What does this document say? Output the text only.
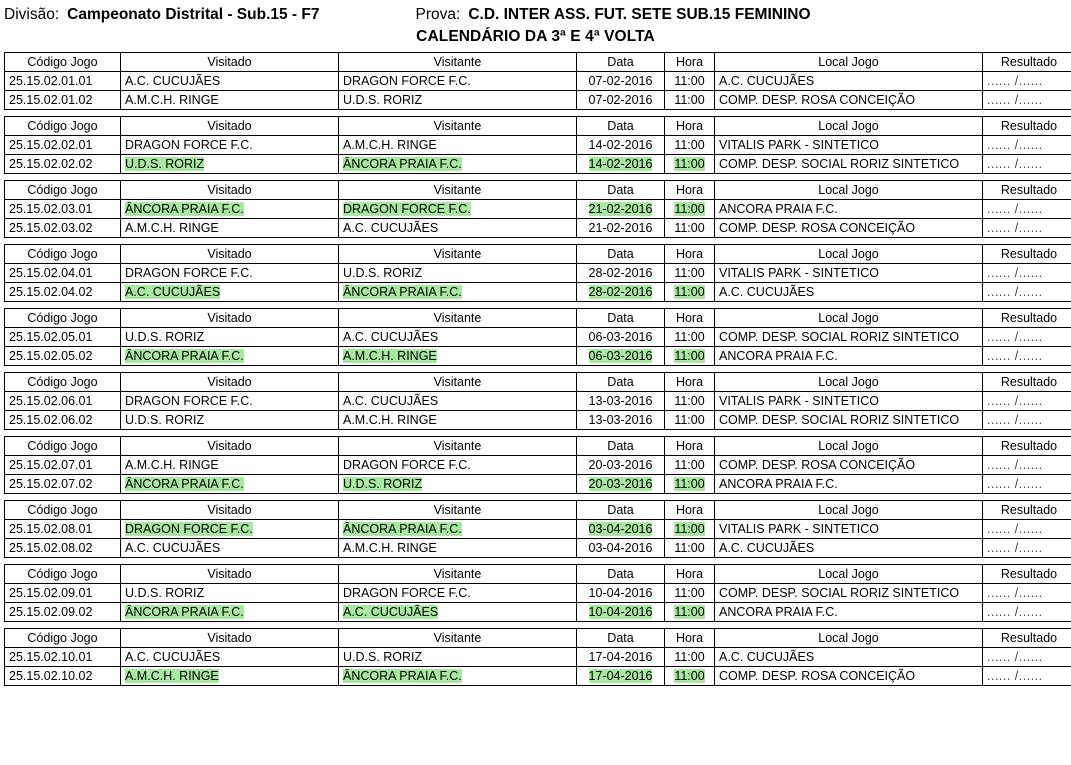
Divisão: Campeonato Distrital - Sub.15 - F7	Prova: C.D. INTER ASS. FUT. SETE SUB.15 FEMININO
CALENDÁRIO DA 3ª E 4ª VOLTA
Código Jogo	Visitado	Visitante	Data	Hora	Local Jogo	Resultado
25.15.02.01.01	A.C. CUCUJÃES	DRAGON FORCE F.C.	07-02-2016	11:00	A.C. CUCUJÃES	...... /......
25.15.02.01.02	A.M.C.H. RINGE	U.D.S. RORIZ	07-02-2016	11:00	COMP. DESP. ROSA CONCEIÇÃO	...... /......
Código Jogo	Visitado	Visitante	Data	Hora	Local Jogo	Resultado
25.15.02.02.01	DRAGON FORCE F.C.	A.M.C.H. RINGE	14-02-2016	11:00	VITALIS PARK - SINTETICO	...... /......
25.15.02.02.02	U.D.S. RORIZ	ÂNCORA PRAIA F.C.	14-02-2016	11:00	COMP. DESP. SOCIAL RORIZ SINTETICO	...... /......
Código Jogo	Visitado	Visitante	Data	Hora	Local Jogo	Resultado
25.15.02.03.01	ÂNCORA PRAIA F.C.	DRAGON FORCE F.C.	21-02-2016	11:00	ANCORA PRAIA F.C.	...... /......
25.15.02.03.02	A.M.C.H. RINGE	A.C. CUCUJÃES	21-02-2016	11:00	COMP. DESP. ROSA CONCEIÇÃO	...... /......
Código Jogo	Visitado	Visitante	Data	Hora	Local Jogo	Resultado
25.15.02.04.01	DRAGON FORCE F.C.	U.D.S. RORIZ	28-02-2016	11:00	VITALIS PARK - SINTETICO	...... /......
25.15.02.04.02	A.C. CUCUJÃES	ÂNCORA PRAIA F.C.	28-02-2016	11:00	A.C. CUCUJÃES	...... /......
Código Jogo	Visitado	Visitante	Data	Hora	Local Jogo	Resultado
25.15.02.05.01	U.D.S. RORIZ	A.C. CUCUJÃES	06-03-2016	11:00	COMP. DESP. SOCIAL RORIZ SINTETICO	...... /......
25.15.02.05.02	ÂNCORA PRAIA F.C.	A.M.C.H. RINGE	06-03-2016	11:00	ANCORA PRAIA F.C.	...... /......
Código Jogo	Visitado	Visitante	Data	Hora	Local Jogo	Resultado
25.15.02.06.01	DRAGON FORCE F.C.	A.C. CUCUJÃES	13-03-2016	11:00	VITALIS PARK - SINTETICO	...... /......
25.15.02.06.02	U.D.S. RORIZ	A.M.C.H. RINGE	13-03-2016	11:00	COMP. DESP. SOCIAL RORIZ SINTETICO	...... /......
Código Jogo	Visitado	Visitante	Data	Hora	Local Jogo	Resultado
25.15.02.07.01	A.M.C.H. RINGE	DRAGON FORCE F.C.	20-03-2016	11:00	COMP. DESP. ROSA CONCEIÇÃO	...... /......
25.15.02.07.02	ÂNCORA PRAIA F.C.	U.D.S. RORIZ	20-03-2016	11:00	ANCORA PRAIA F.C.	...... /......
Código Jogo	Visitado	Visitante	Data	Hora	Local Jogo	Resultado
25.15.02.08.01	DRAGON FORCE F.C.	ÂNCORA PRAIA F.C.	03-04-2016	11:00	VITALIS PARK - SINTETICO	...... /......
25.15.02.08.02	A.C. CUCUJÃES	A.M.C.H. RINGE	03-04-2016	11:00	A.C. CUCUJÃES	...... /......
Código Jogo	Visitado	Visitante	Data	Hora	Local Jogo	Resultado
25.15.02.09.01	U.D.S. RORIZ	DRAGON FORCE F.C.	10-04-2016	11:00	COMP. DESP. SOCIAL RORIZ SINTETICO	...... /......
25.15.02.09.02	ÂNCORA PRAIA F.C.	A.C. CUCUJÃES	10-04-2016	11:00	ANCORA PRAIA F.C.	...... /......
Código Jogo	Visitado	Visitante	Data	Hora	Local Jogo	Resultado
25.15.02.10.01	A.C. CUCUJÃES	U.D.S. RORIZ	17-04-2016	11:00	A.C. CUCUJÃES	...... /......
25.15.02.10.02	A.M.C.H. RINGE	ÂNCORA PRAIA F.C.	17-04-2016	11:00	COMP. DESP. ROSA CONCEIÇÃO	...... /......
